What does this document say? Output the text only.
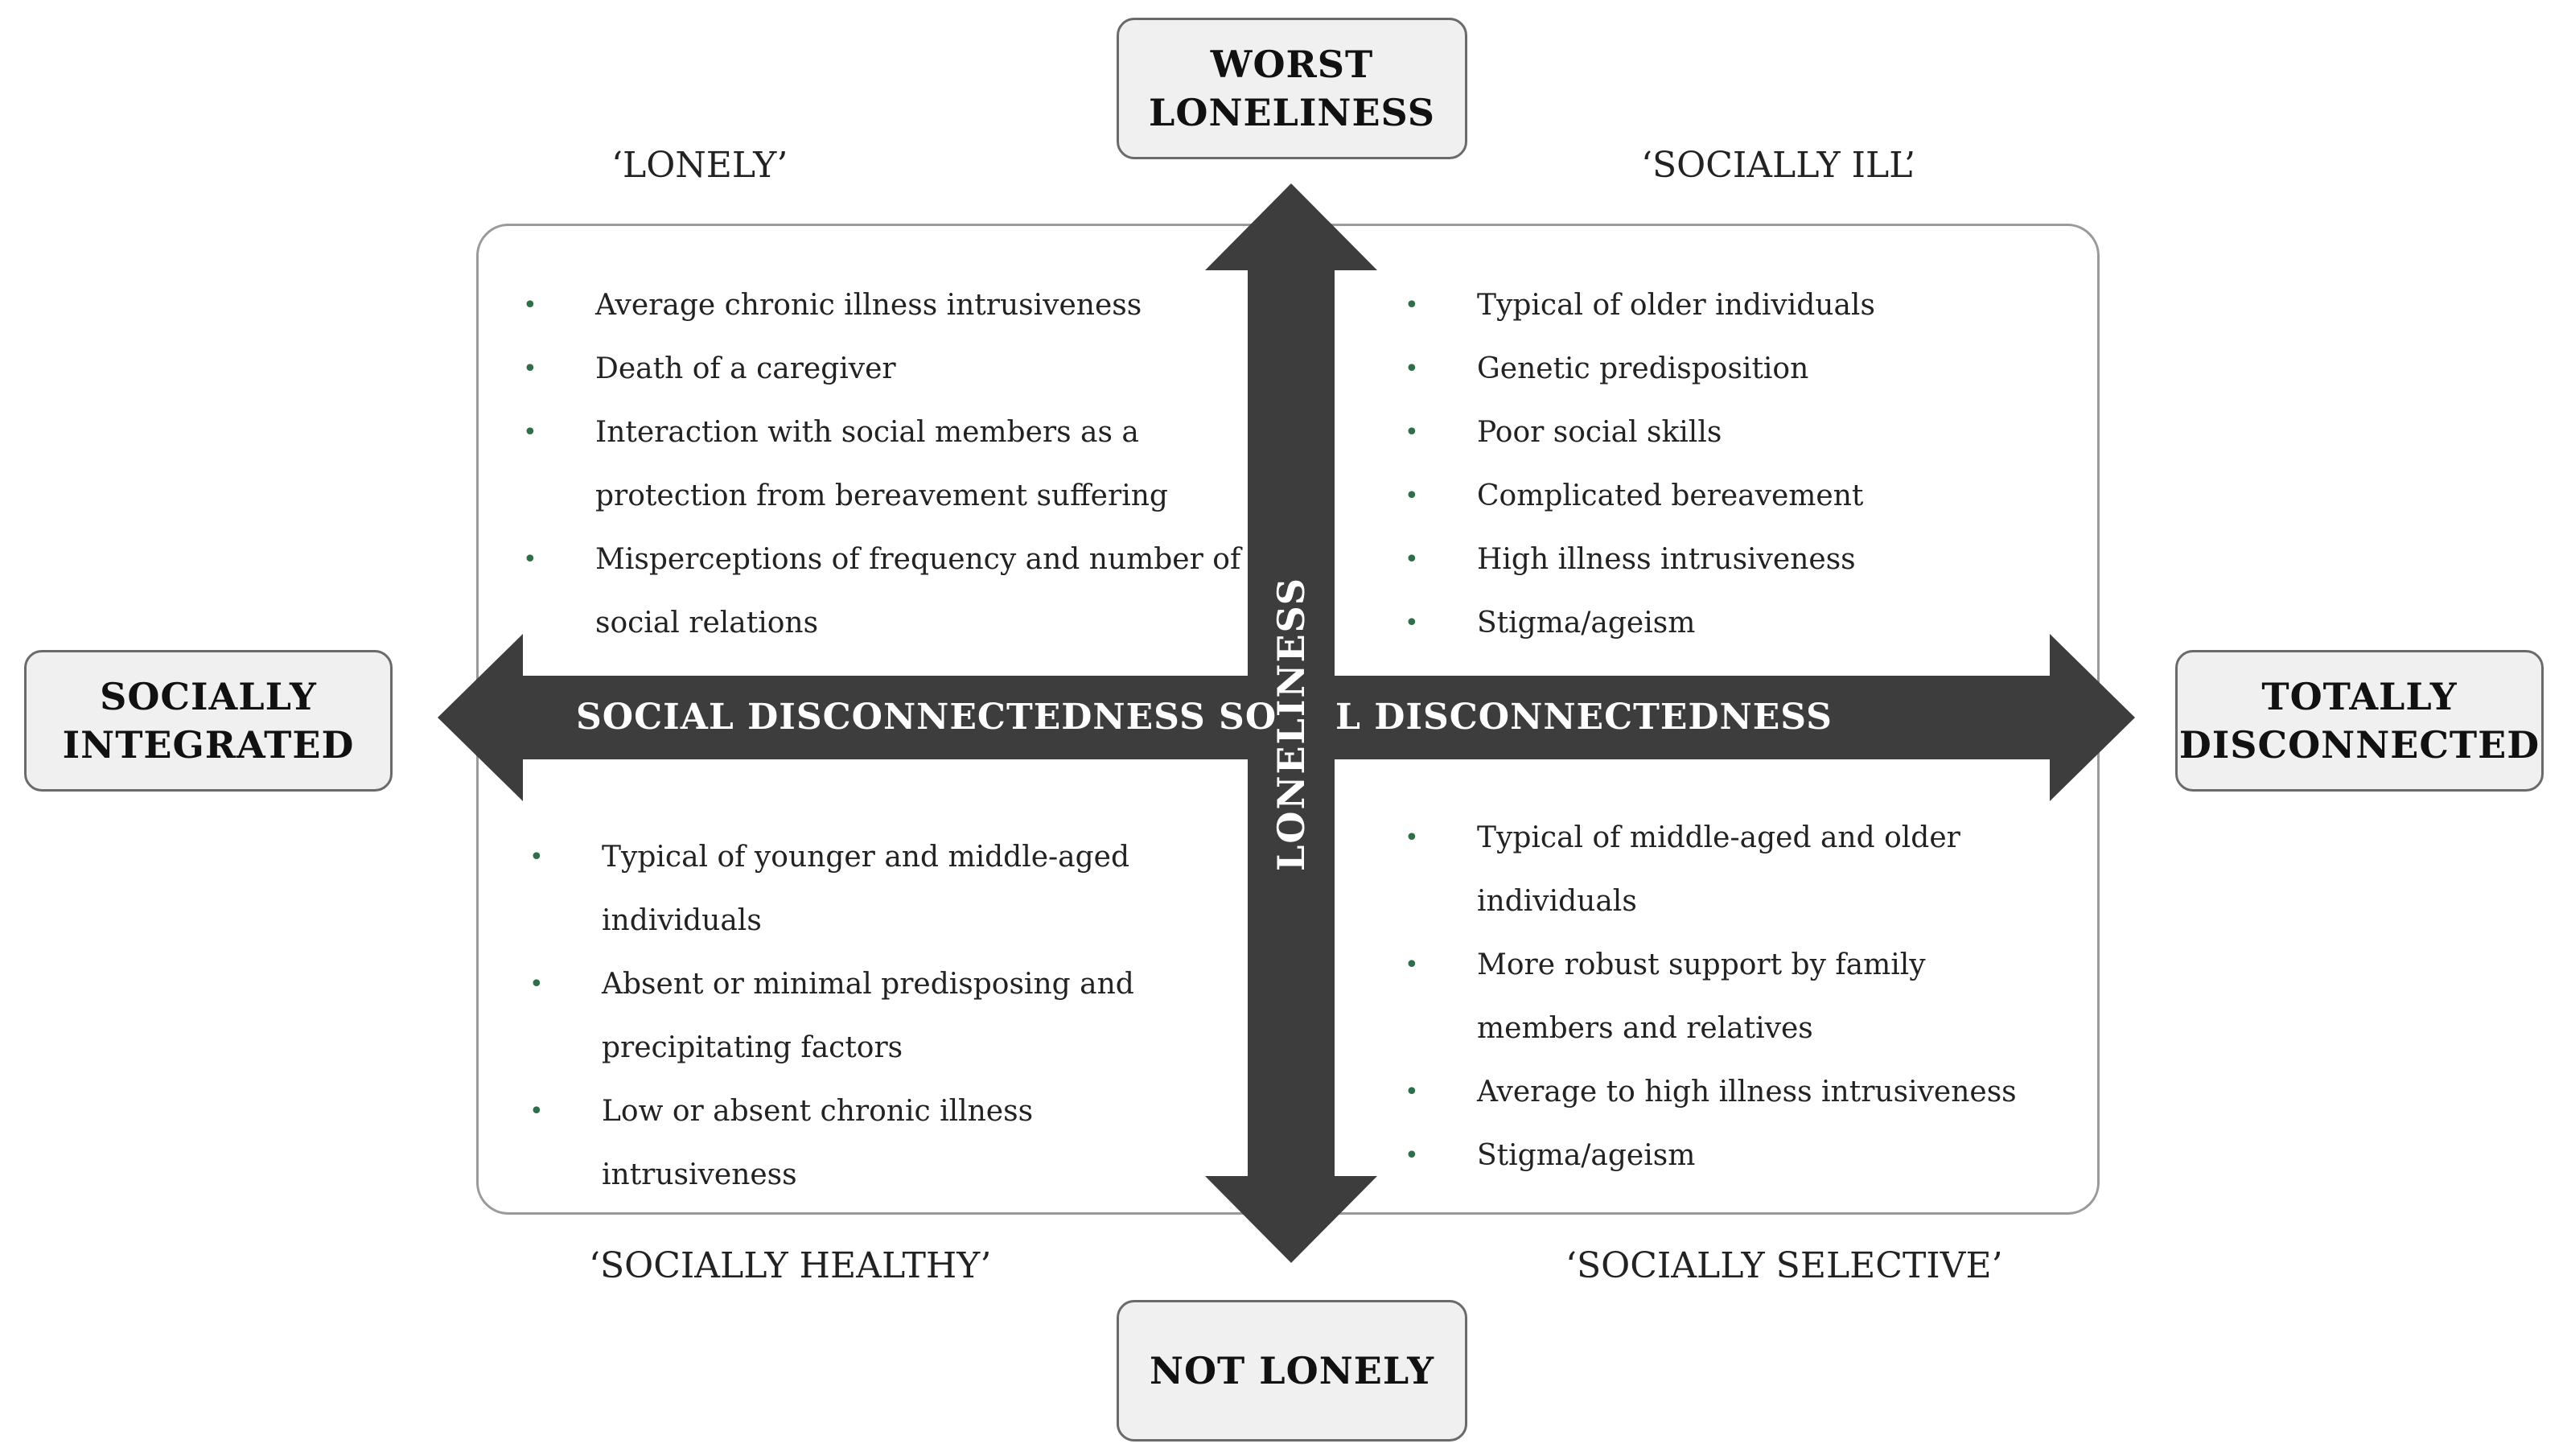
SOCIAL DISCONNECTEDNESS SO L DISCONNECTEDNESS
LONELINESS
WORST
LONELINESS
NOT LONELY
SOCIALLY
INTEGRATED
TOTALLY
DISCONNECTED
‘LONELY’	‘SOCIALLY ILL’
‘SOCIALLY HEALTHY’	‘SOCIALLY SELECTIVE’
• Average chronic illness intrusiveness
• Death of a caregiver
• Interaction with social members as a protection from bereavement suffering
• Misperceptions of frequency and number of social relations
• Typical of older individuals
• Genetic predisposition
• Poor social skills
• Complicated bereavement
• High illness intrusiveness
• Stigma/ageism
• Typical of younger and middle-aged individuals
• Absent or minimal predisposing and precipitating factors
• Low or absent chronic illness intrusiveness
• Typical of middle-aged and older individuals
• More robust support by family members and relatives
• Average to high illness intrusiveness
• Stigma/ageism
